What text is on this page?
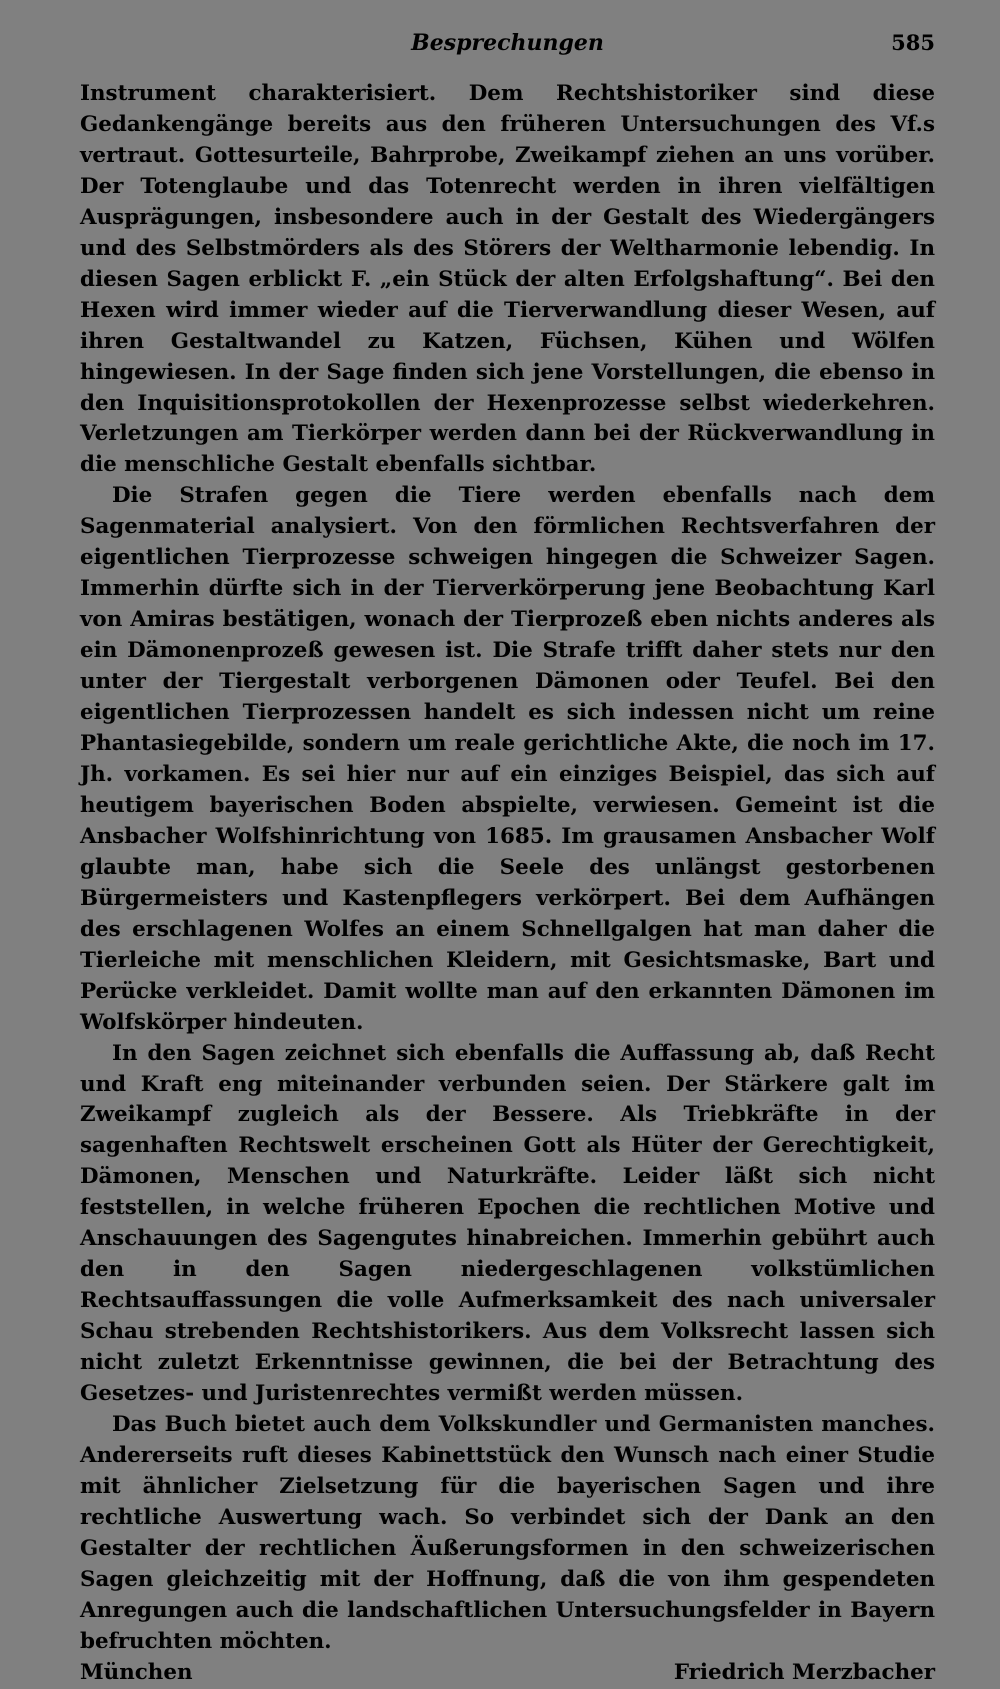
Besprechungen	585

Instrument charakterisiert. Dem Rechtshistoriker sind diese Gedankengänge bereits aus den früheren Untersuchungen des Vf.s vertraut. Gottesurteile, Bahrprobe, Zweikampf ziehen an uns vorüber. Der Totenglaube und das Totenrecht werden in ihren vielfältigen Ausprägungen, insbesondere auch in der Gestalt des Wiedergängers und des Selbstmörders als des Störers der Weltharmonie lebendig. In diesen Sagen erblickt F. „ein Stück der alten Erfolgshaftung“. Bei den Hexen wird immer wieder auf die Tierverwandlung dieser Wesen, auf ihren Gestaltwandel zu Katzen, Füchsen, Kühen und Wölfen hingewiesen. In der Sage finden sich jene Vorstellungen, die ebenso in den Inquisitionsprotokollen der Hexenprozesse selbst wiederkehren. Verletzungen am Tierkörper werden dann bei der Rückverwandlung in die menschliche Gestalt ebenfalls sichtbar.

Die Strafen gegen die Tiere werden ebenfalls nach dem Sagenmaterial analysiert. Von den förmlichen Rechtsverfahren der eigentlichen Tierprozesse schweigen hingegen die Schweizer Sagen. Immerhin dürfte sich in der Tierverkörperung jene Beobachtung Karl von Amiras bestätigen, wonach der Tierprozeß eben nichts anderes als ein Dämonenprozeß gewesen ist. Die Strafe trifft daher stets nur den unter der Tiergestalt verborgenen Dämonen oder Teufel. Bei den eigentlichen Tierprozessen handelt es sich indessen nicht um reine Phantasiegebilde, sondern um reale gerichtliche Akte, die noch im 17. Jh. vorkamen. Es sei hier nur auf ein einziges Beispiel, das sich auf heutigem bayerischen Boden abspielte, verwiesen. Gemeint ist die Ansbacher Wolfshinrichtung von 1685. Im grausamen Ansbacher Wolf glaubte man, habe sich die Seele des unlängst gestorbenen Bürgermeisters und Kastenpflegers verkörpert. Bei dem Aufhängen des erschlagenen Wolfes an einem Schnellgalgen hat man daher die Tierleiche mit menschlichen Kleidern, mit Gesichtsmaske, Bart und Perücke verkleidet. Damit wollte man auf den erkannten Dämonen im Wolfskörper hindeuten.

In den Sagen zeichnet sich ebenfalls die Auffassung ab, daß Recht und Kraft eng miteinander verbunden seien. Der Stärkere galt im Zweikampf zugleich als der Bessere. Als Triebkräfte in der sagenhaften Rechtswelt erscheinen Gott als Hüter der Gerechtigkeit, Dämonen, Menschen und Naturkräfte. Leider läßt sich nicht feststellen, in welche früheren Epochen die rechtlichen Motive und Anschauungen des Sagengutes hinabreichen. Immerhin gebührt auch den in den Sagen niedergeschlagenen volkstümlichen Rechtsauffassungen die volle Aufmerksamkeit des nach universaler Schau strebenden Rechtshistorikers. Aus dem Volksrecht lassen sich nicht zuletzt Erkenntnisse gewinnen, die bei der Betrachtung des Gesetzes- und Juristenrechtes vermißt werden müssen.

Das Buch bietet auch dem Volkskundler und Germanisten manches. Andererseits ruft dieses Kabinettstück den Wunsch nach einer Studie mit ähnlicher Zielsetzung für die bayerischen Sagen und ihre rechtliche Auswertung wach. So verbindet sich der Dank an den Gestalter der rechtlichen Äußerungsformen in den schweizerischen Sagen gleichzeitig mit der Hoffnung, daß die von ihm gespendeten Anregungen auch die landschaftlichen Untersuchungsfelder in Bayern befruchten möchten.

München	Friedrich Merzbacher
